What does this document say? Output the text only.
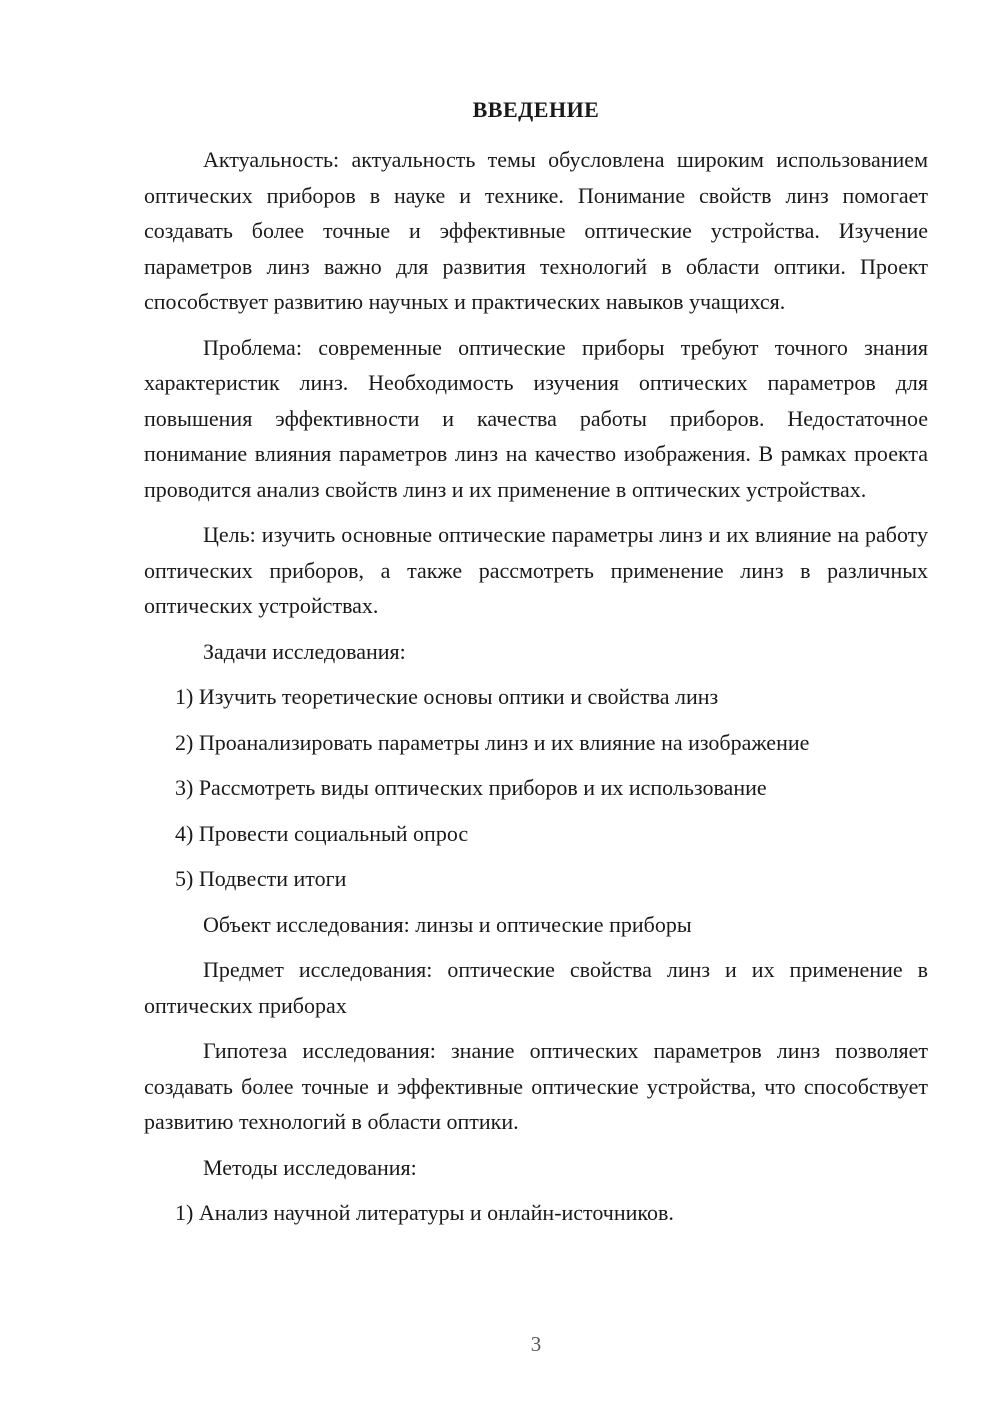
ВВЕДЕНИЕ

Актуальность: актуальность темы обусловлена широким использованием оптических приборов в науке и технике. Понимание свойств линз помогает создавать более точные и эффективные оптические устройства. Изучение параметров линз важно для развития технологий в области оптики. Проект способствует развитию научных и практических навыков учащихся.

Проблема: современные оптические приборы требуют точного знания характеристик линз. Необходимость изучения оптических параметров для повышения эффективности и качества работы приборов. Недостаточное понимание влияния параметров линз на качество изображения. В рамках проекта проводится анализ свойств линз и их применение в оптических устройствах.

Цель: изучить основные оптические параметры линз и их влияние на работу оптических приборов, а также рассмотреть применение линз в различных оптических устройствах.

Задачи исследования:

1) Изучить теоретические основы оптики и свойства линз

2) Проанализировать параметры линз и их влияние на изображение

3) Рассмотреть виды оптических приборов и их использование

4) Провести социальный опрос

5) Подвести итоги

Объект исследования: линзы и оптические приборы

Предмет исследования: оптические свойства линз и их применение в оптических приборах

Гипотеза исследования: знание оптических параметров линз позволяет создавать более точные и эффективные оптические устройства, что способствует развитию технологий в области оптики.

Методы исследования:

1) Анализ научной литературы и онлайн-источников.

3
